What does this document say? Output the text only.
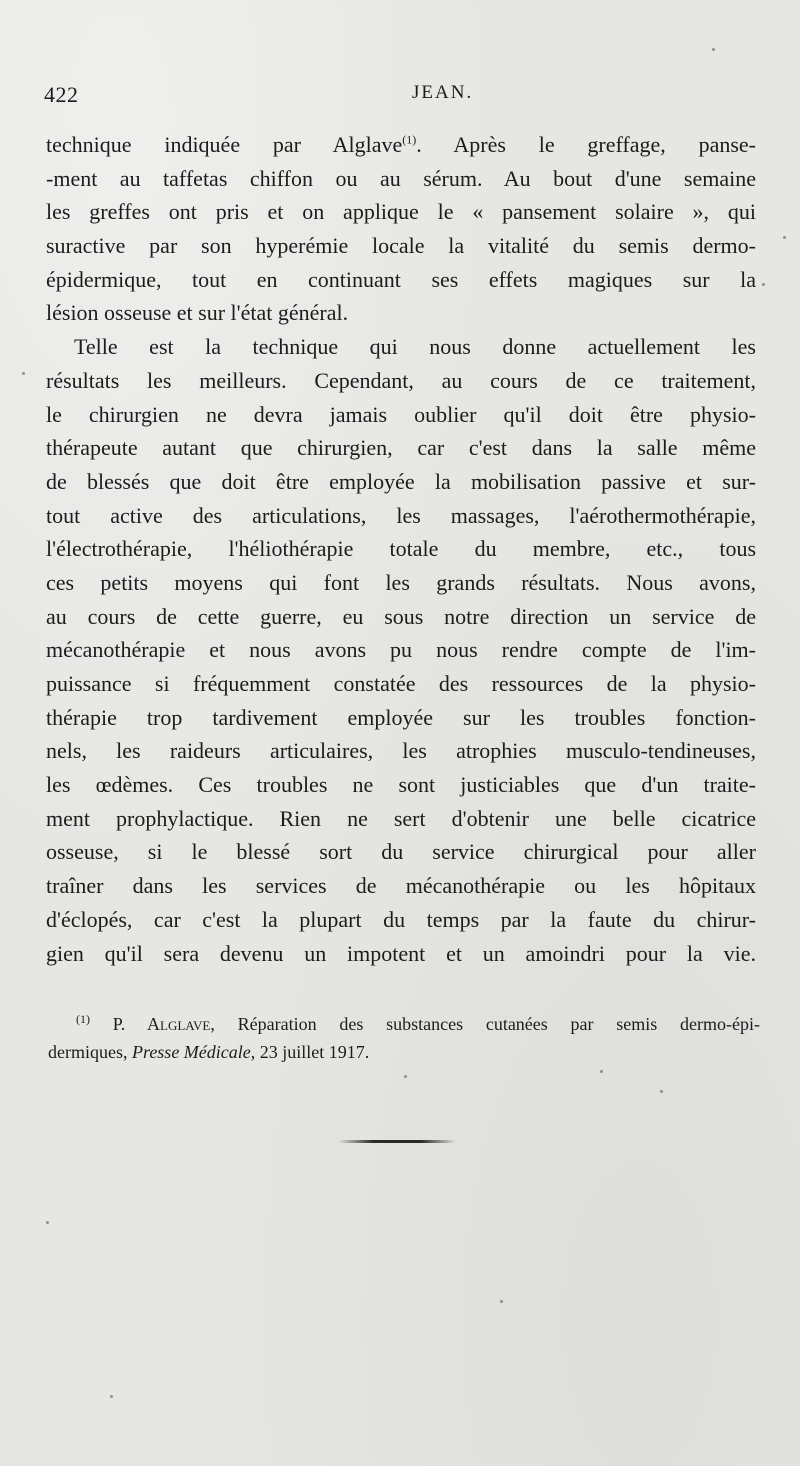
422	JEAN.
technique indiquée par Alglave$^{(1)}$. Après le greffage, panse-
-ment au taffetas chiffon ou au sérum. Au bout d'une semaine
les greffes ont pris et on applique le « pansement solaire », qui
suractive par son hyperémie locale la vitalité du semis dermo-
épidermique, tout en continuant ses effets magiques sur la
lésion osseuse et sur l'état général.
Telle est la technique qui nous donne actuellement les
résultats les meilleurs. Cependant, au cours de ce traitement,
le chirurgien ne devra jamais oublier qu'il doit être physio-
thérapeute autant que chirurgien, car c'est dans la salle même
de blessés que doit être employée la mobilisation passive et sur-
tout active des articulations, les massages, l'aérothermothérapie,
l'électrothérapie, l'héliothérapie totale du membre, etc., tous
ces petits moyens qui font les grands résultats. Nous avons,
au cours de cette guerre, eu sous notre direction un service de
mécanothérapie et nous avons pu nous rendre compte de l'im-
puissance si fréquemment constatée des ressources de la physio-
thérapie trop tardivement employée sur les troubles fonction-
nels, les raideurs articulaires, les atrophies musculo-tendineuses,
les œdèmes. Ces troubles ne sont justiciables que d'un traite-
ment prophylactique. Rien ne sert d'obtenir une belle cicatrice
osseuse, si le blessé sort du service chirurgical pour aller
traîner dans les services de mécanothérapie ou les hôpitaux
d'éclopés, car c'est la plupart du temps par la faute du chirur-
gien qu'il sera devenu un impotent et un amoindri pour la vie.
$^{(1)}$ P. Alglave, Réparation des substances cutanées par semis dermo-épi-
dermiques, Presse Médicale, 23 juillet 1917.
